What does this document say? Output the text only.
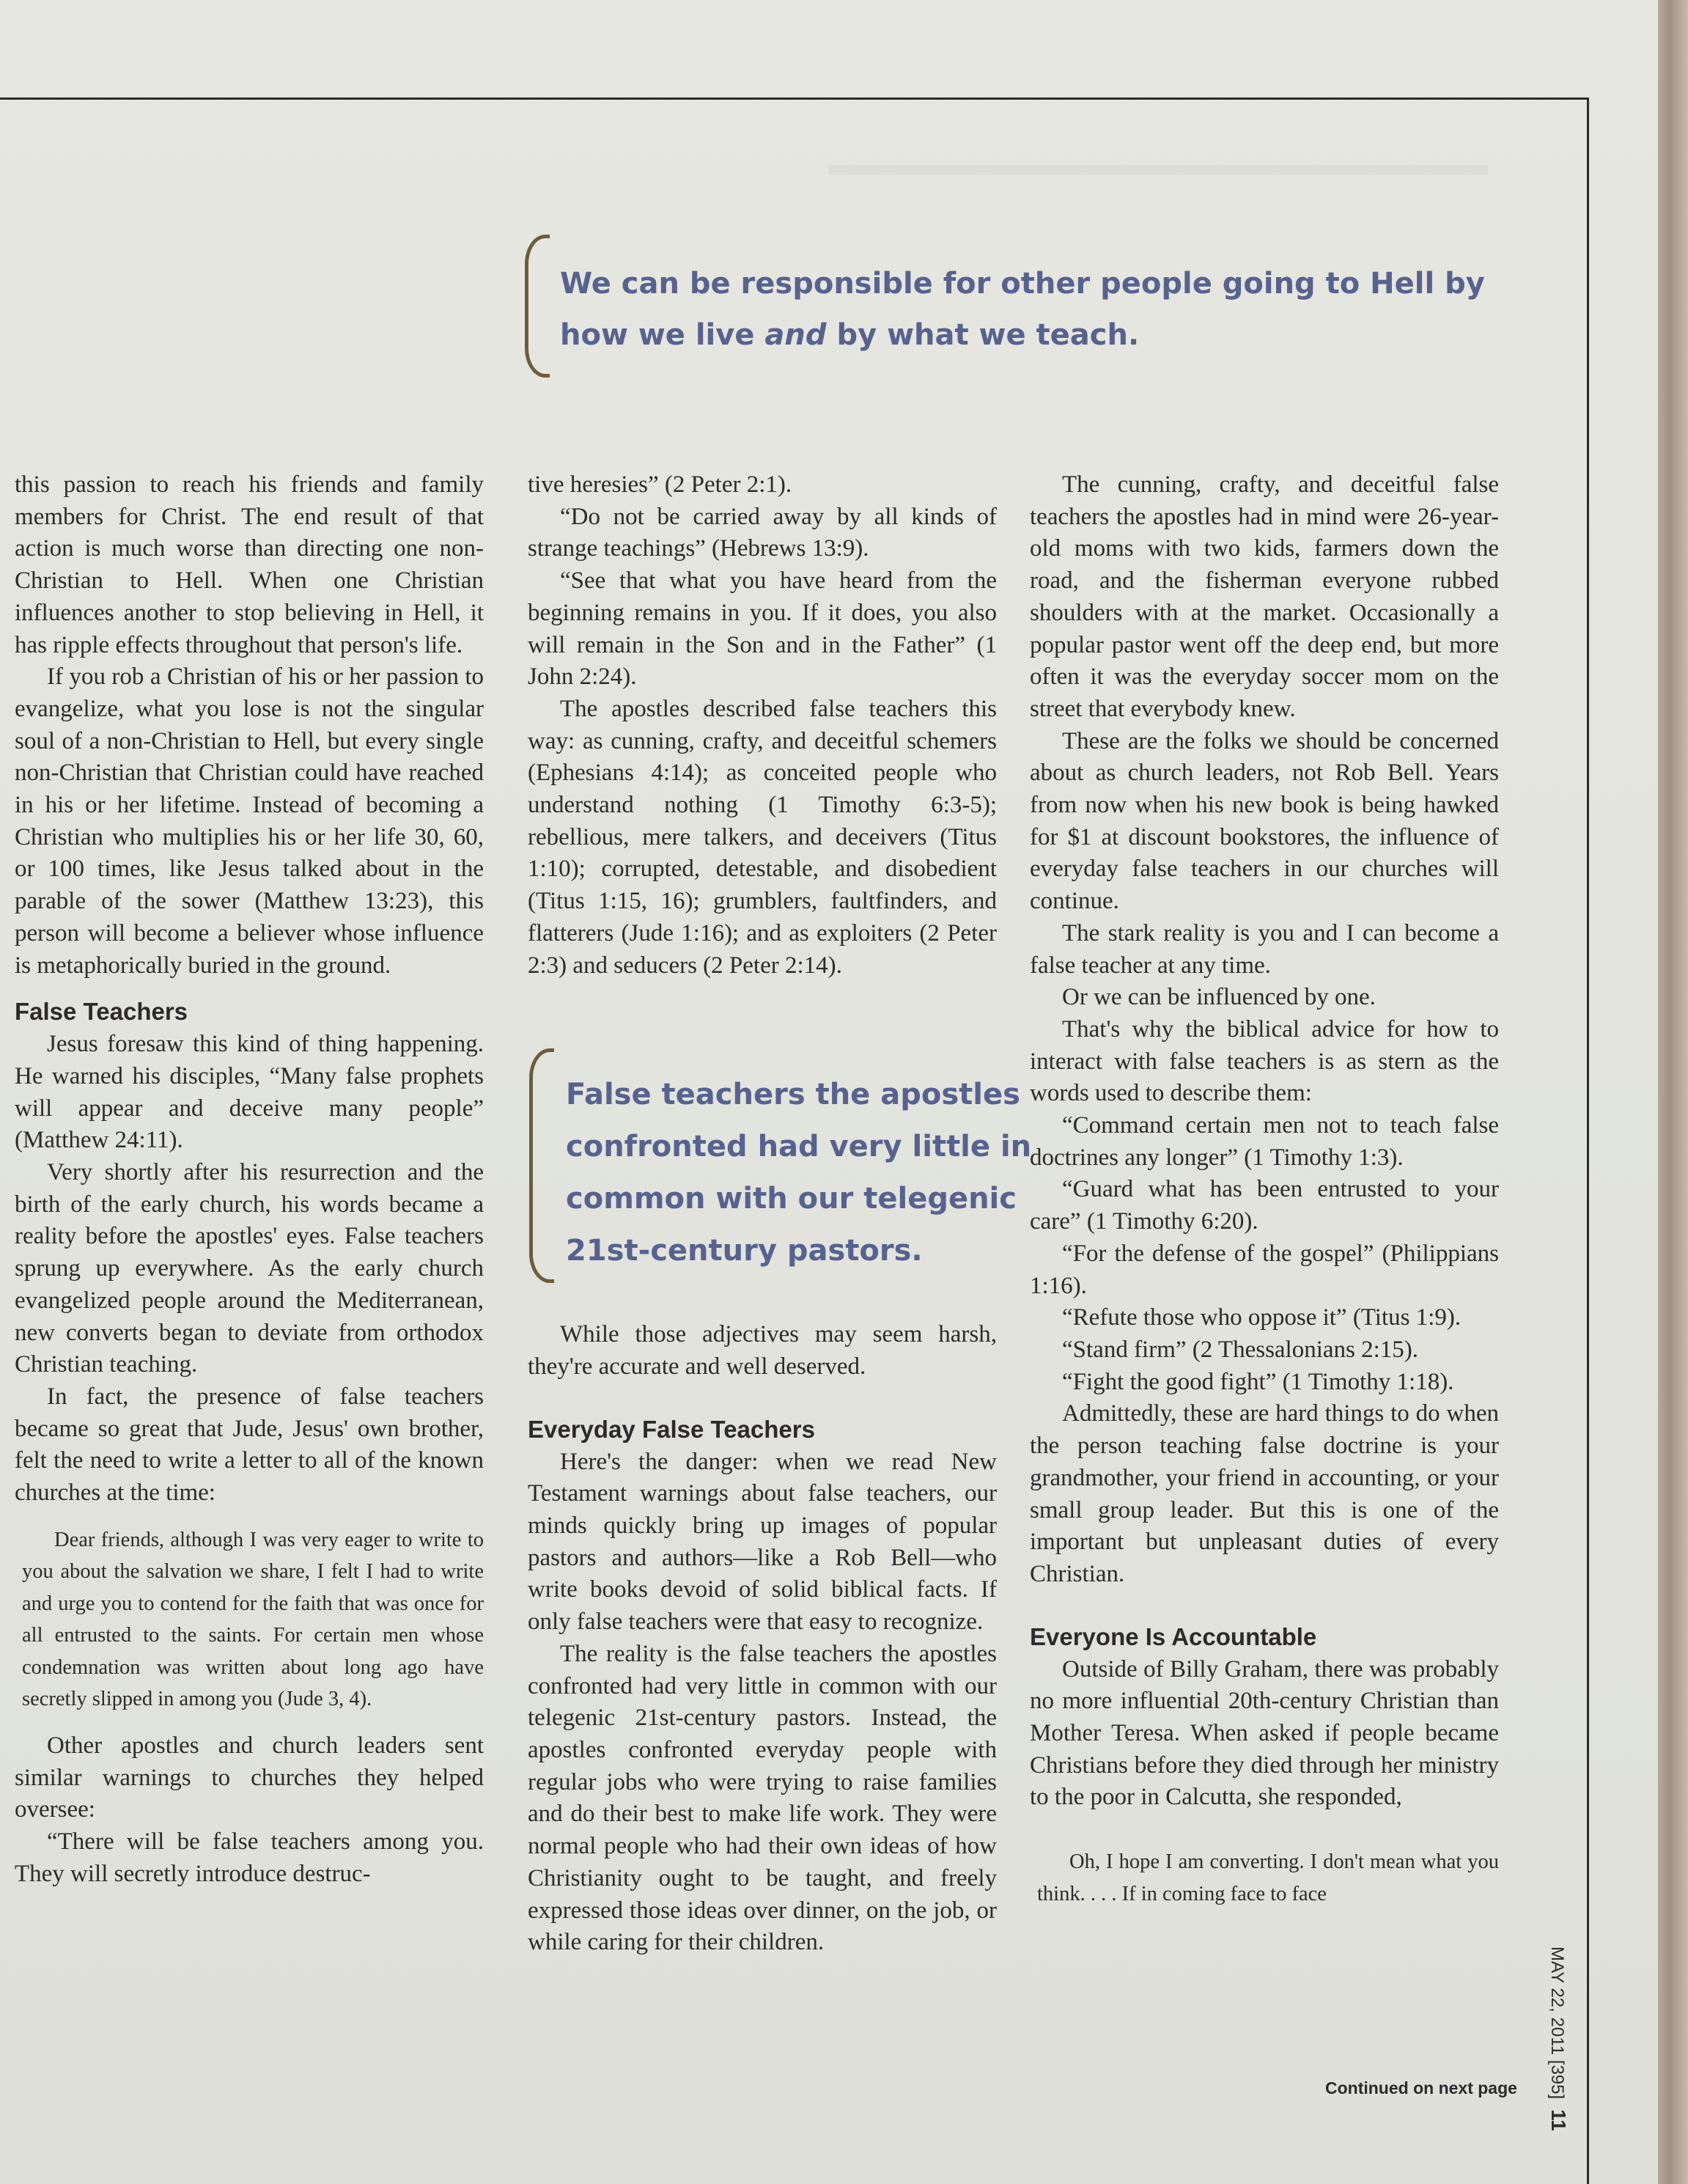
We can be responsible for other people going to Hell by
how we live and by what we teach.

this passion to reach his friends and family members for Christ. The end result of that action is much worse than directing one non-Christian to Hell. When one Christian influences another to stop believing in Hell, it has ripple effects throughout that person's life.

If you rob a Christian of his or her passion to evangelize, what you lose is not the singular soul of a non-Christian to Hell, but every single non-Christian that Christian could have reached in his or her lifetime. Instead of becoming a Christian who multiplies his or her life 30, 60, or 100 times, like Jesus talked about in the parable of the sower (Matthew 13:23), this person will become a believer whose influence is metaphorically buried in the ground.

False Teachers

Jesus foresaw this kind of thing happening. He warned his disciples, “Many false prophets will appear and deceive many people” (Matthew 24:11).

Very shortly after his resurrection and the birth of the early church, his words became a reality before the apostles' eyes. False teachers sprung up everywhere. As the early church evangelized people around the Mediterranean, new converts began to deviate from orthodox Christian teaching.

In fact, the presence of false teachers became so great that Jude, Jesus' own brother, felt the need to write a letter to all of the known churches at the time:

Dear friends, although I was very eager to write to you about the salvation we share, I felt I had to write and urge you to contend for the faith that was once for all entrusted to the saints. For certain men whose condemnation was written about long ago have secretly slipped in among you (Jude 3, 4).

Other apostles and church leaders sent similar warnings to churches they helped oversee:

“There will be false teachers among you. They will secretly introduce destruc-

tive heresies” (2 Peter 2:1).

“Do not be carried away by all kinds of strange teachings” (Hebrews 13:9).

“See that what you have heard from the beginning remains in you. If it does, you also will remain in the Son and in the Father” (1 John 2:24).

The apostles described false teachers this way: as cunning, crafty, and deceitful schemers (Ephesians 4:14); as conceited people who understand nothing (1 Timothy 6:3-5); rebellious, mere talkers, and deceivers (Titus 1:10); corrupted, detestable, and disobedient (Titus 1:15, 16); grumblers, faultfinders, and flatterers (Jude 1:16); and as exploiters (2 Peter 2:3) and seducers (2 Peter 2:14).

While those adjectives may seem harsh, they're accurate and well deserved.

Everyday False Teachers

Here's the danger: when we read New Testament warnings about false teachers, our minds quickly bring up images of popular pastors and authors—like a Rob Bell—who write books devoid of solid biblical facts. If only false teachers were that easy to recognize.

The reality is the false teachers the apostles confronted had very little in common with our telegenic 21st-century pastors. Instead, the apostles confronted everyday people with regular jobs who were trying to raise families and do their best to make life work. They were normal people who had their own ideas of how Christianity ought to be taught, and freely expressed those ideas over dinner, on the job, or while caring for their children.

False teachers the apostles
confronted had very little in
common with our telegenic
21st-century pastors.

The cunning, crafty, and deceitful false teachers the apostles had in mind were 26-year-old moms with two kids, farmers down the road, and the fisherman everyone rubbed shoulders with at the market. Occasionally a popular pastor went off the deep end, but more often it was the everyday soccer mom on the street that everybody knew.

These are the folks we should be concerned about as church leaders, not Rob Bell. Years from now when his new book is being hawked for $1 at discount bookstores, the influence of everyday false teachers in our churches will continue.

The stark reality is you and I can become a false teacher at any time.

Or we can be influenced by one.

That's why the biblical advice for how to interact with false teachers is as stern as the words used to describe them:

“Command certain men not to teach false doctrines any longer” (1 Timothy 1:3).

“Guard what has been entrusted to your care” (1 Timothy 6:20).

“For the defense of the gospel” (Philippians 1:16).

“Refute those who oppose it” (Titus 1:9).

“Stand firm” (2 Thessalonians 2:15).

“Fight the good fight” (1 Timothy 1:18).

Admittedly, these are hard things to do when the person teaching false doctrine is your grandmother, your friend in accounting, or your small group leader. But this is one of the important but unpleasant duties of every Christian.

Everyone Is Accountable

Outside of Billy Graham, there was probably no more influential 20th-century Christian than Mother Teresa. When asked if people became Christians before they died through her ministry to the poor in Calcutta, she responded,

Oh, I hope I am converting. I don't mean what you think. . . . If in coming face to face
Continued on next page MAY 22, 2011 [395]11
